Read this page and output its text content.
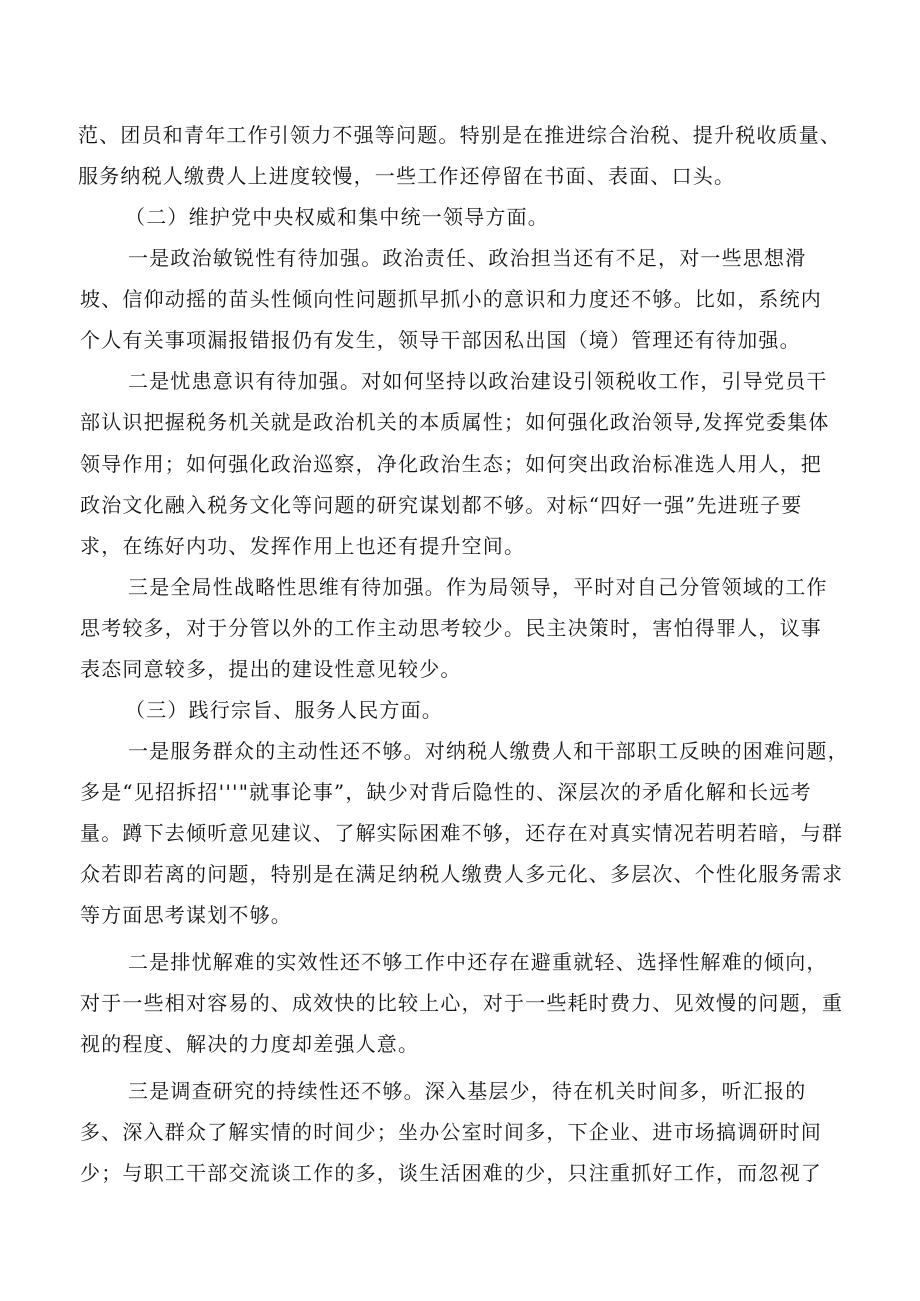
范、团员和青年工作引领力不强等问题。特别是在推进综合治税、提升税收质量、

服务纳税人缴费人上进度较慢，一些工作还停留在书面、表面、口头。

（二）维护党中央权威和集中统一领导方面。

一是政治敏锐性有待加强。政治责任、政治担当还有不足，对一些思想滑

坡、信仰动摇的苗头性倾向性问题抓早抓小的意识和力度还不够。比如，系统内

个人有关事项漏报错报仍有发生，领导干部因私出国（境）管理还有待加强。

二是忧患意识有待加强。对如何坚持以政治建设引领税收工作，引导党员干

部认识把握税务机关就是政治机关的本质属性；如何强化政治领导,发挥党委集体

领导作用；如何强化政治巡察，净化政治生态；如何突出政治标准选人用人，把

政治文化融入税务文化等问题的研究谋划都不够。对标“四好一强”先进班子要

求，在练好内功、发挥作用上也还有提升空间。

三是全局性战略性思维有待加强。作为局领导，平时对自己分管领域的工作

思考较多，对于分管以外的工作主动思考较少。民主决策时，害怕得罪人，议事

表态同意较多，提出的建设性意见较少。

（三）践行宗旨、服务人民方面。

一是服务群众的主动性还不够。对纳税人缴费人和干部职工反映的困难问题，

多是“见招拆招'''"就事论事”，缺少对背后隐性的、深层次的矛盾化解和长远考

量。蹲下去倾听意见建议、了解实际困难不够，还存在对真实情况若明若暗，与群

众若即若离的问题，特别是在满足纳税人缴费人多元化、多层次、个性化服务需求

等方面思考谋划不够。

二是排忧解难的实效性还不够工作中还存在避重就轻、选择性解难的倾向，

对于一些相对容易的、成效快的比较上心，对于一些耗时费力、见效慢的问题，重

视的程度、解决的力度却差强人意。

三是调查研究的持续性还不够。深入基层少，待在机关时间多，听汇报的

多、深入群众了解实情的时间少；坐办公室时间多，下企业、进市场搞调研时间

少；与职工干部交流谈工作的多，谈生活困难的少，只注重抓好工作，而忽视了
